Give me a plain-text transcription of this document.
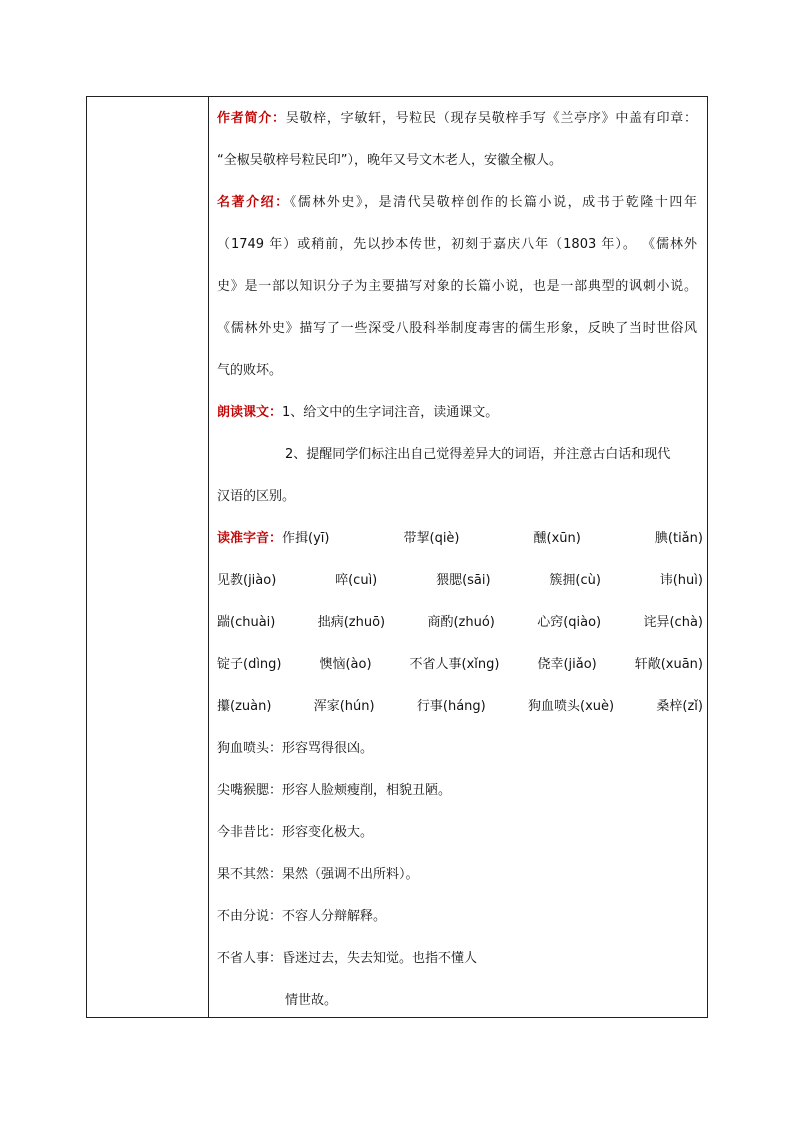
作者简介：吴敬梓，字敏轩，号粒民（现存吴敬梓手写《兰亭序》中盖有印章：
“全椒吴敬梓号粒民印”），晚年又号文木老人，安徽全椒人。
名著介绍：《儒林外史》，是清代吴敬梓创作的长篇小说，成书于乾隆十四年
（1749 年）或稍前，先以抄本传世，初刻于嘉庆八年（1803 年）。 《儒林外
史》是一部以知识分子为主要描写对象的长篇小说，也是一部典型的讽刺小说。
《儒林外史》描写了一些深受八股科举制度毒害的儒生形象，反映了当时世俗风
气的败坏。
朗读课文：1、给文中的生字词注音，读通课文。
2、提醒同学们标注出自己觉得差异大的词语，并注意古白话和现代
汉语的区别。
读准字音：作揖(yī)	带挈(qiè)	醺(xūn)	腆(tiǎn)
见教(jiào)	啐(cuì)	猥腮(sāi)	簇拥(cù)	讳(huì)
踹(chuài)	拙病(zhuō)	商酌(zhuó)	心窍(qiào)	诧异(chà)
锭子(dìng)	懊恼(ào)	不省人事(xǐng)	侥幸(jiǎo)	轩敞(xuān)
攥(zuàn)	浑家(hún)	行事(háng)	狗血喷头(xuè)	桑梓(zǐ)
狗血喷头：形容骂得很凶。
尖嘴猴腮：形容人脸颊瘦削，相貌丑陋。
今非昔比：形容变化极大。
果不其然：果然（强调不出所料）。
不由分说：不容人分辩解释。
不省人事：昏迷过去，失去知觉。也指不懂人
情世故。
